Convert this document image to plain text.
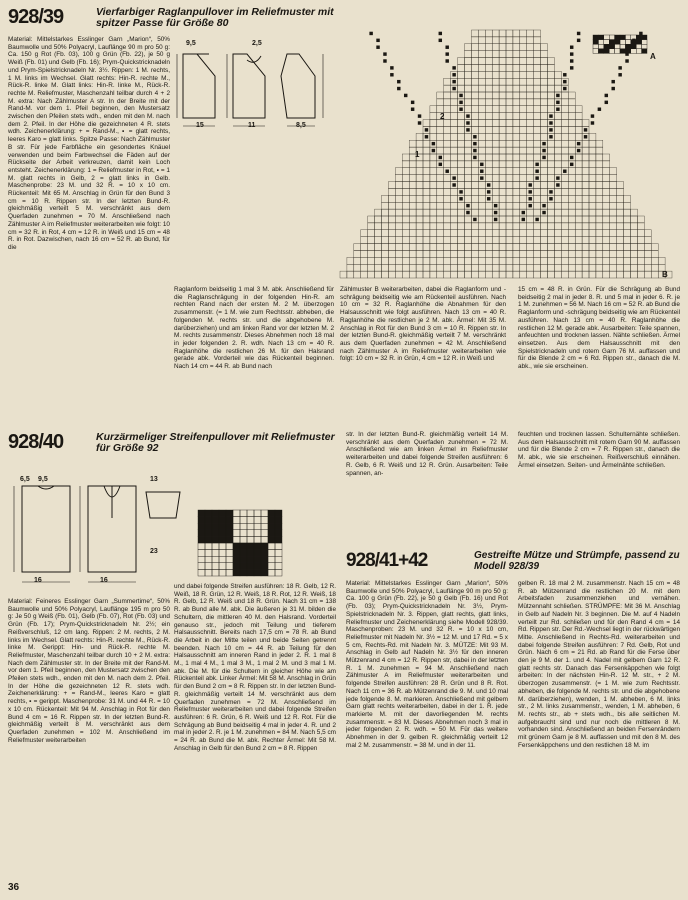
928/39	Vierfarbiger Raglanpullover im Reliefmuster mit spitzer Passe für Größe 80
9,5	2,5
15	11	8,5
B
A
1
2
Material: Mittelstarkes Esslinger Garn „Marion“, 50% Baumwolle und 50% Polyacryl, Lauflänge 90 m pro 50 g: Ca. 150 g Rot (Fb. 03), 100 g Grün (Fb. 22), je 50 g Weiß (Fb. 01) und Gelb (Fb. 16); Prym-Quickstricknadeln und Prym-Spielstricknadeln Nr. 3½. Rippen: 1 M. rechts, 1 M. links im Wechsel. Glatt rechts: Hin-R. rechte M., Rück-R. linke M. Glatt links: Hin-R. linke M., Rück-R. rechte M. Reliefmuster, Maschenzahl teilbar durch 4 + 2 M. extra: Nach Zählmuster A str. In der Breite mit der Rand-M. vor dem 1. Pfeil beginnen, den Mustersatz zwischen den Pfeilen stets wdh., enden mit den M. nach dem 2. Pfeil. In der Höhe die gezeichneten 4 R. stets wdh. Zeichenerklärung: + = Rand-M., ▪ = glatt rechts, leeres Karo = glatt links. Spitze Passe: Nach Zählmuster B str. Für jede Farbfläche ein gesondertes Knäuel verwenden und beim Farbwechsel die Fäden auf der Rückseite der Arbeit verkreuzen, damit kein Loch entsteht. Zeichenerklärung: 1 = Reliefmuster in Rot, ▪ = 1 M. glatt rechts in Gelb, 2 = glatt links in Gelb. Maschenprobe: 23 M. und 32 R. = 10 x 10 cm. Rückenteil: Mit 65 M. Anschlag in Grün für den Bund 3 cm = 10 R. Rippen str. In der letzten Bund-R. gleichmäßig verteilt 5 M. verschränkt aus dem Querfaden zunehmen = 70 M. Anschließend nach Zählmuster A im Reliefmuster weiterarbeiten wie folgt: 10 cm = 32 R. in Rot, 4 cm = 12 R. in Weiß und 15 cm = 48 R. in Rot. Dazwischen, nach 16 cm = 52 R. ab Bund, für die
Raglanform beidseitig 1 mal 3 M. abk. Anschließend für die Raglanschrägung in der folgenden Hin-R. am rechten Rand nach der ersten M. 2 M. überzogen zusammenstr. (= 1 M. wie zum Rechtsstr. abheben, die folgenden M. rechts str. und die abgehobene M. darüberziehen) und am linken Rand vor der letzten M. 2 M. rechts zusammenstr. Dieses Abnehmen noch 18 mal in jeder folgenden 2. R. wdh. Nach 13 cm = 40 R. Raglanhöhe die restlichen 26 M. für den Halsrand gerade abk. Vorderteil wie das Rückenteil beginnen. Nach 14 cm = 44 R. ab Bund nach
Zählmuster B weiterarbeiten, dabei die Raglanform und -schrägung beidseitig wie am Rückenteil ausführen. Nach 10 cm = 32 R. Raglanhöhe die Abnahmen für den Halsausschnitt wie folgt ausführen. Nach 13 cm = 40 R. Raglanhöhe die restlichen je 2 M. abk. Ärmel: Mit 35 M. Anschlag in Rot für den Bund 3 cm = 10 R. Rippen str. In der letzten Bund-R. gleichmäßig verteilt 7 M. verschränkt aus dem Querfaden zunehmen = 42 M. Anschließend nach Zählmuster A im Reliefmuster weiterarbeiten wie folgt: 10 cm = 32 R. in Grün, 4 cm = 12 R. in Weiß und
15 cm = 48 R. in Grün. Für die Schrägung ab Bund beidseitig 2 mal in jeder 8. R. und 5 mal in jeder 6. R. je 1 M. zunehmen = 56 M. Nach 16 cm = 52 R. ab Bund die Raglanform und -schrägung beidseitig wie am Rückenteil ausführen. Nach 13 cm = 40 R. Raglanhöhe die restlichen 12 M. gerade abk. Ausarbeiten: Teile spannen, anfeuchten und trocknen lassen. Nähte schließen. Ärmel einsetzen. Aus dem Halsausschnitt mit den Spielstricknadeln und rotem Garn 76 M. auffassen und für die Blende 2 cm = 6 Rd. Rippen str., danach die M. abk., wie sie erscheinen.
928/40	Kurzärmeliger Streifenpullover mit Reliefmuster für Größe 92
6,5 9,5	13
16	16
23
Material: Feineres Esslinger Garn „Summertime“, 50% Baumwolle und 50% Polyacryl, Lauflänge 195 m pro 50 g: Je 50 g Weiß (Fb. 01), Gelb (Fb. 07), Rot (Fb. 03) und Grün (Fb. 17); Prym-Quickstricknadeln Nr. 2½; ein Reißverschluß, 12 cm lang. Rippen: 2 M. rechts, 2 M. links im Wechsel. Glatt rechts: Hin-R. rechte M., Rück-R. linke M. Gerippt: Hin- und Rück-R. rechte M. Reliefmuster, Maschenzahl teilbar durch 10 + 2 M. extra: Nach dem Zählmuster str. In der Breite mit der Rand-M. vor dem 1. Pfeil beginnen, den Mustersatz zwischen den Pfeilen stets wdh., enden mit den M. nach dem 2. Pfeil. In der Höhe die gezeichneten 12 R. stets wdh. Zeichenerklärung: + = Rand-M., leeres Karo = glatt rechts, ▪ = gerippt. Maschenprobe: 31 M. und 44 R. = 10 x 10 cm. Rückenteil: Mit 94 M. Anschlag in Rot für den Bund 4 cm = 16 R. Rippen str. In der letzten Bund-R. gleichmäßig verteilt 8 M. verschränkt aus dem Querfaden zunehmen = 102 M. Anschließend im Reliefmuster weiterarbeiten
und dabei folgende Streifen ausführen: 18 R. Gelb, 12 R. Weiß, 18 R. Grün, 12 R. Weiß, 18 R. Rot, 12 R. Weiß, 18 R. Gelb, 12 R. Weiß und 18 R. Grün. Nach 31 cm = 138 R. ab Bund alle M. abk. Die äußeren je 31 M. bilden die Schultern, die mittleren 40 M. den Halsrand. Vorderteil genauso str., jedoch mit Teilung und tieferem Halsausschnitt. Bereits nach 17,5 cm = 78 R. ab Bund die Arbeit in der Mitte teilen und beide Seiten getrennt beenden. Nach 10 cm = 44 R. ab Teilung für den Halsausschnitt am inneren Rand in jeder 2. R. 1 mal 8 M., 1 mal 4 M., 1 mal 3 M., 1 mal 2 M. und 3 mal 1 M. abk. Die M. für die Schultern in gleicher Höhe wie am Rückenteil abk. Linker Ärmel: Mit 58 M. Anschlag in Grün für den Bund 2 cm = 8 R. Rippen str. In der letzten Bund-R. gleichmäßig verteilt 14 M. verschränkt aus dem Querfaden zunehmen = 72 M. Anschließend im Reliefmuster weiterarbeiten und dabei folgende Streifen ausführen: 6 R. Grün, 6 R. Weiß und 12 R. Rot. Für die Schrägung ab Bund beidseitig 4 mal in jeder 4. R. und 2 mal in jeder 2. R. je 1 M. zunehmen = 84 M. Nach 5,5 cm = 24 R. ab Bund die M. abk. Rechter Ärmel: Mit 58 M. Anschlag in Gelb für den Bund 2 cm = 8 R. Rippen
str. In der letzten Bund-R. gleichmäßig verteilt 14 M. verschränkt aus dem Querfaden zunehmen = 72 M. Anschließend wie am linken Ärmel im Reliefmuster weiterarbeiten und dabei folgende Streifen ausführen: 6 R. Gelb, 6 R. Weiß und 12 R. Grün. Ausarbeiten: Teile spannen, an-
feuchten und trocknen lassen. Schulternähte schließen. Aus dem Halsausschnitt mit rotem Garn 90 M. auffassen und für die Blende 2 cm = 7 R. Rippen str., danach die M. abk., wie sie erscheinen. Reißverschluß einnähen. Ärmel einsetzen. Seiten- und Ärmelnähte schließen.
928/41+42	Gestreifte Mütze und Strümpfe, passend zu Modell 928/39
Material: Mittelstarkes Esslinger Garn „Marion“, 50% Baumwolle und 50% Polyacryl, Lauflänge 90 m pro 50 g: Ca. 100 g Grün (Fb. 22), je 50 g Gelb (Fb. 16) und Rot (Fb. 03); Prym-Quickstricknadeln Nr. 3½, Prym-Spielstricknadeln Nr. 3. Rippen, glatt rechts, glatt links, Reliefmuster und Zeichenerklärung siehe Modell 928/39. Maschenproben: 23 M. und 32 R. = 10 x 10 cm, Reliefmuster mit Nadeln Nr. 3½ = 12 M. und 17 Rd. = 5 x 5 cm, Rechts-Rd. mit Nadeln Nr. 3. MÜTZE: Mit 93 M. Anschlag in Gelb auf Nadeln Nr. 3½ für den inneren Mützenrand 4 cm = 12 R. Rippen str, dabei in der letzten R. 1 M. zunehmen = 94 M. Anschließend nach Zählmuster A im Reliefmuster weiterarbeiten und folgende Streifen ausführen: 28 R. Grün und 8 R. Rot. Nach 11 cm = 36 R. ab Mützenrand die 9. M. und 10 mal jede folgende 8. M. markieren. Anschließend mit gelbem Garn glatt rechts weiterarbeiten, dabei in der 1. R. jede markierte M. mit der davorliegenden M. rechts zusammenstr. = 83 M. Dieses Abnehmen noch 3 mal in jeder folgenden 2. R. wdh. = 50 M. Für das weitere Abnehmen in der 9. gelben R. gleichmäßig verteilt 12 mal 2 M. zusammenstr. = 38 M. und in der 11.
gelben R. 18 mal 2 M. zusammenstr. Nach 15 cm = 48 R. ab Mützenrand die restlichen 20 M. mit dem Arbeitsfaden zusammenziehen und vernähen. Mützennaht schließen. STRÜMPFE: Mit 36 M. Anschlag in Gelb auf Nadeln Nr. 3 beginnen. Die M. auf 4 Nadeln verteilt zur Rd. schließen und für den Rand 4 cm = 14 Rd. Rippen str. Der Rd.-Wechsel liegt in der rückwärtigen Mitte. Anschließend in Rechts-Rd. weiterarbeiten und dabei folgende Streifen ausführen: 7 Rd. Gelb, Rot und Grün. Nach 6 cm = 21 Rd. ab Rand für die Ferse über den je 9 M. der 1. und 4. Nadel mit gelbem Garn 12 R. glatt rechts str. Danach das Fersenkäppchen wie folgt arbeiten: In der nächsten Hin-R. 12 M. str., + 2 M. überzogen zusammenstr. (= 1 M. wie zum Rechtsstr. abheben, die folgende M. rechts str. und die abgehobene M. darüberziehen), wenden, 1 M. abheben, 6 M. links str., 2 M. links zusammenstr., wenden, 1 M. abheben, 6 M. rechts str., ab + stets wdh., bis alle seitlichen M. aufgebraucht sind und nur noch die mittleren 8 M. vorhanden sind. Anschließend an beiden Fersenrändern mit grünem Garn je 8 M. auffassen und mit den 8 M. des Fersenkäppchens und den restlichen 18 M. im
36
